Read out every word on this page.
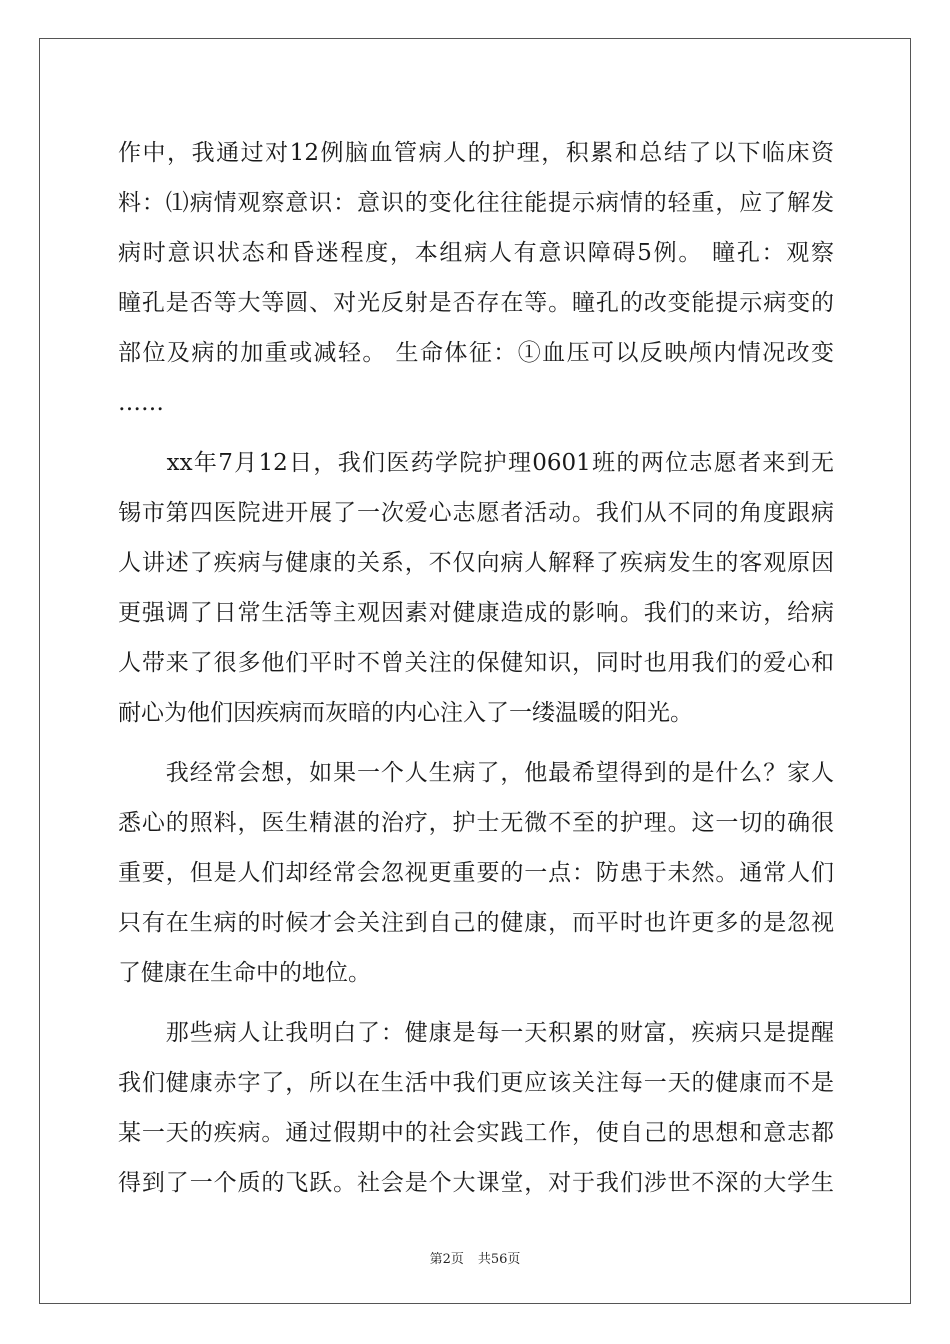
作中，我通过对12例脑血管病人的护理，积累和总结了以下临床资
料：⑴病情观察意识：意识的变化往往能提示病情的轻重，应了解发
病时意识状态和昏迷程度，本组病人有意识障碍5例。 瞳孔：观察
瞳孔是否等大等圆、对光反射是否存在等。瞳孔的改变能提示病变的
部位及病的加重或减轻。 生命体征：①血压可以反映颅内情况改变
……
　　xx年7月12日，我们医药学院护理0601班的两位志愿者来到无
锡市第四医院进开展了一次爱心志愿者活动。我们从不同的角度跟病
人讲述了疾病与健康的关系，不仅向病人解释了疾病发生的客观原因
更强调了日常生活等主观因素对健康造成的影响。我们的来访，给病
人带来了很多他们平时不曾关注的保健知识，同时也用我们的爱心和
耐心为他们因疾病而灰暗的内心注入了一缕温暖的阳光。
　　我经常会想，如果一个人生病了，他最希望得到的是什么？家人
悉心的照料，医生精湛的治疗，护士无微不至的护理。这一切的确很
重要，但是人们却经常会忽视更重要的一点：防患于未然。通常人们
只有在生病的时候才会关注到自己的健康，而平时也许更多的是忽视
了健康在生命中的地位。
　　那些病人让我明白了：健康是每一天积累的财富，疾病只是提醒
我们健康赤字了，所以在生活中我们更应该关注每一天的健康而不是
某一天的疾病。通过假期中的社会实践工作，使自己的思想和意志都
得到了一个质的飞跃。社会是个大课堂，对于我们涉世不深的大学生
第2页 共56页
